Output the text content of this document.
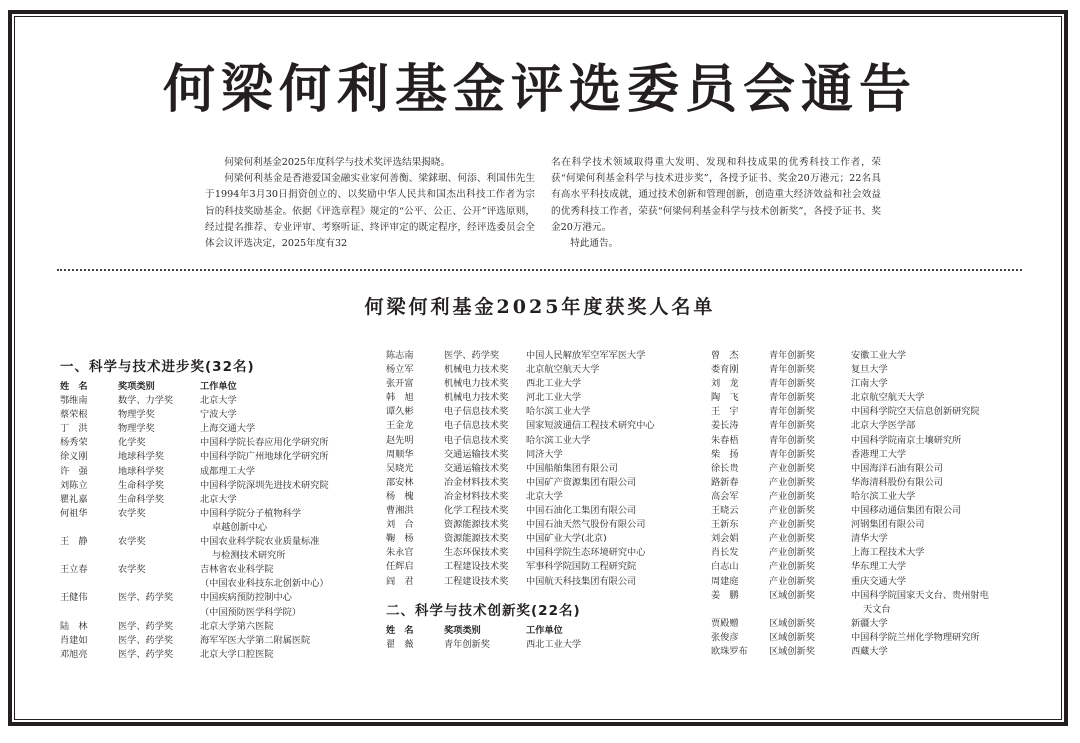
何梁何利基金评选委员会通告

何梁何利基金2025年度科学与技术奖评选结果揭晓。

何梁何利基金是香港爱国金融实业家何善衡、梁銶琚、何添、利国伟先生于1994年3月30日捐资创立的、以奖励中华人民共和国杰出科技工作者为宗旨的科技奖励基金。依据《评选章程》规定的“公平、公正、公开”评选原则，经过提名推荐、专业评审、考察听证、终评审定的既定程序，经评选委员会全体会议评选决定，2025年度有32

名在科学技术领域取得重大发明、发现和科技成果的优秀科技工作者，荣获“何梁何利基金科学与技术进步奖”，各授予证书、奖金20万港元；22名具有高水平科技成就，通过技术创新和管理创新，创造重大经济效益和社会效益的优秀科技工作者，荣获“何梁何利基金科学与技术创新奖”，各授予证书、奖金20万港元。

特此通告。

何梁何利基金2025年度获奖人名单
一、科学与技术进步奖(32名)
姓　名	奖项类别	工作单位
鄂维南	数学、力学奖	北京大学
蔡荣根	物理学奖	宁波大学
丁　洪	物理学奖	上海交通大学
杨秀荣	化学奖	中国科学院长春应用化学研究所
徐义刚	地球科学奖	中国科学院广州地球化学研究所
许　强	地球科学奖	成都理工大学
刘陈立	生命科学奖	中国科学院深圳先进技术研究院
瞿礼嘉	生命科学奖	北京大学
何祖华	农学奖	中国科学院分子植物科学
卓越创新中心
王　静	农学奖	中国农业科学院农业质量标准
与检测技术研究所
王立春	农学奖	吉林省农业科学院
（中国农业科技东北创新中心）
王健伟	医学、药学奖	中国疾病预防控制中心
（中国预防医学科学院）
陆　林	医学、药学奖	北京大学第六医院
肖建如	医学、药学奖	海军军医大学第二附属医院
邓旭亮	医学、药学奖	北京大学口腔医院
陈志南	医学、药学奖	中国人民解放军空军军医大学
杨立军	机械电力技术奖	北京航空航天大学
张开富	机械电力技术奖	西北工业大学
韩　旭	机械电力技术奖	河北工业大学
谭久彬	电子信息技术奖	哈尔滨工业大学
王金龙	电子信息技术奖	国家短波通信工程技术研究中心
赵先明	电子信息技术奖	哈尔滨工业大学
周顺华	交通运输技术奖	同济大学
吴晓光	交通运输技术奖	中国船舶集团有限公司
邵安林	冶金材料技术奖	中国矿产资源集团有限公司
杨　槐	冶金材料技术奖	北京大学
曹湘洪	化学工程技术奖	中国石油化工集团有限公司
刘　合	资源能源技术奖	中国石油天然气股份有限公司
鞠　杨	资源能源技术奖	中国矿业大学(北京)
朱永官	生态环保技术奖	中国科学院生态环境研究中心
任辉启	工程建设技术奖	军事科学院国防工程研究院
阎　君	工程建设技术奖	中国航天科技集团有限公司
二、科学与技术创新奖(22名)
姓　名	奖项类别	工作单位
翟　薇	青年创新奖	西北工业大学
曾　杰	青年创新奖	安徽工业大学
娄育刚	青年创新奖	复旦大学
刘　龙	青年创新奖	江南大学
陶　飞	青年创新奖	北京航空航天大学
王　宇	青年创新奖	中国科学院空天信息创新研究院
姜长涛	青年创新奖	北京大学医学部
朱春梧	青年创新奖	中国科学院南京土壤研究所
柴　扬	青年创新奖	香港理工大学
徐长贵	产业创新奖	中国海洋石油有限公司
路新春	产业创新奖	华海清科股份有限公司
高会军	产业创新奖	哈尔滨工业大学
王晓云	产业创新奖	中国移动通信集团有限公司
王新东	产业创新奖	河钢集团有限公司
刘会娟	产业创新奖	清华大学
肖长发	产业创新奖	上海工程技术大学
白志山	产业创新奖	华东理工大学
周建庭	产业创新奖	重庆交通大学
姜　鹏	区域创新奖	中国科学院国家天文台、贵州射电
天文台
贾殿赠	区域创新奖	新疆大学
张俊彦	区域创新奖	中国科学院兰州化学物理研究所
欧珠罗布	区域创新奖	西藏大学
